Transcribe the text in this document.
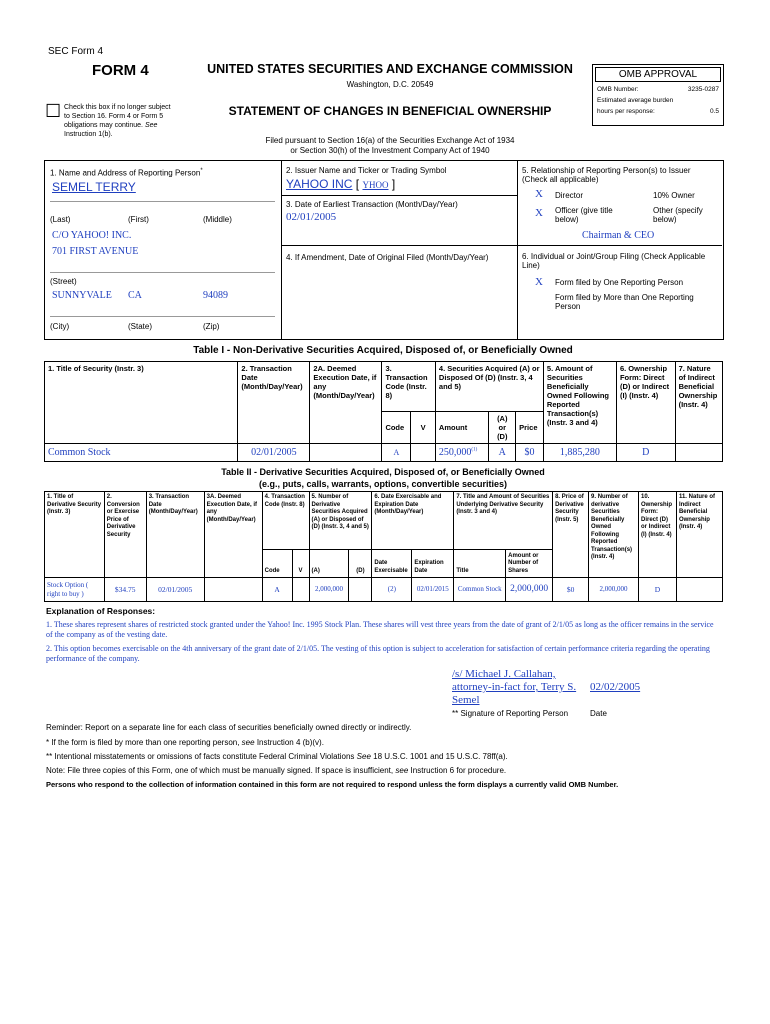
SEC Form 4
FORM 4	UNITED STATES SECURITIES AND EXCHANGE COMMISSION
Washington, D.C. 20549
STATEMENT OF CHANGES IN BENEFICIAL OWNERSHIP
☐ Check this box if no longer subject
to Section 16. Form 4 or Form 5
obligations may continue. See
Instruction 1(b).
Filed pursuant to Section 16(a) of the Securities Exchange Act of 1934
or Section 30(h) of the Investment Company Act of 1940
OMB APPROVAL
OMB Number:	3235-0287
Estimated average burden
hours per response:	0.5
1. Name and Address of Reporting Person*
SEMEL TERRY
(Last)	(First)	(Middle)
C/O YAHOO! INC.
701 FIRST AVENUE
(Street)
SUNNYVALE CA	94089
(City)	(State)	(Zip)
2. Issuer Name and Ticker or Trading Symbol
YAHOO INC [ YHOO ]
3. Date of Earliest Transaction (Month/Day/Year)
02/01/2005
4. If Amendment, Date of Original Filed (Month/Day/Year)
5. Relationship of Reporting Person(s) to Issuer
(Check all applicable)
X Director	10% Owner
X Officer (give title below)
Other (specify below)
Chairman & CEO
6. Individual or Joint/Group Filing (Check Applicable Line)
X Form filed by One Reporting Person
Form filed by More than One Reporting Person
Table I - Non-Derivative Securities Acquired, Disposed of, or Beneficially Owned
1. Title of Security (Instr. 3)	2. Transaction Date (Month/Day/Year)	2A. Deemed Execution Date, if any (Month/Day/Year)	3. Transaction Code (Instr. 8)		4. Securities Acquired (A) or Disposed Of (D) (Instr. 3, 4 and 5)			5. Amount of Securities Beneficially Owned Following Reported Transaction(s) (Instr. 3 and 4)	6. Ownership Form: Direct (D) or Indirect (I) (Instr. 4)	7. Nature of Indirect Beneficial Ownership (Instr. 4)
			Code	V	Amount	(A) or (D)	Price			
Common Stock	02/01/2005		A		250,000$^{(1)}$	A	$0	1,885,280	D	
Table II - Derivative Securities Acquired, Disposed of, or Beneficially Owned
(e.g., puts, calls, warrants, options, convertible securities)
1. Title of Derivative Security (Instr. 3)	2. Conversion or Exercise Price of Derivative Security	3. Transaction Date (Month/Day/Year)	3A. Deemed Execution Date, if any (Month/Day/Year)	4. Transaction Code (Instr. 8)		5. Number of Derivative Securities Acquired (A) or Disposed of (D) (Instr. 3, 4 and 5)		6. Date Exercisable and Expiration Date (Month/Day/Year)		7. Title and Amount of Securities Underlying Derivative Security (Instr. 3 and 4)		8. Price of Derivative Security (Instr. 5)	9. Number of derivative Securities Beneficially Owned Following Reported Transaction(s) (Instr. 4)	10. Ownership Form: Direct (D) or Indirect (I) (Instr. 4)	11. Nature of Indirect Beneficial Ownership (Instr. 4)
				Code	V	(A)	(D)	Date Exercisable	Expiration Date	Title	Amount or Number of Shares				
Stock Option ( right to buy )	$34.75	02/01/2005		A		2,000,000		(2)	02/01/2015	Common Stock	2,000,000	$0	2,000,000	D	
Explanation of Responses:
1. These shares represent shares of restricted stock granted under the Yahoo! Inc. 1995 Stock Plan. These shares will vest three years from the date of grant of 2/1/05 as long as the officer remains in the service of the company as of the vesting date.
2. This option becomes exercisable on the 4th anniversary of the grant date of 2/1/05. The vesting of this option is subject to acceleration for satisfaction of certain performance criteria regarding the operating performance of the company.
/s/ Michael J. Callahan,
attorney-in-fact for, Terry S.
Semel
02/02/2005
** Signature of Reporting Person	Date
Reminder: Report on a separate line for each class of securities beneficially owned directly or indirectly.
* If the form is filed by more than one reporting person, see Instruction 4 (b)(v).
** Intentional misstatements or omissions of facts constitute Federal Criminal Violations See 18 U.S.C. 1001 and 15 U.S.C. 78ff(a).
Note: File three copies of this Form, one of which must be manually signed. If space is insufficient, see Instruction 6 for procedure.
Persons who respond to the collection of information contained in this form are not required to respond unless the form displays a currently valid OMB Number.
